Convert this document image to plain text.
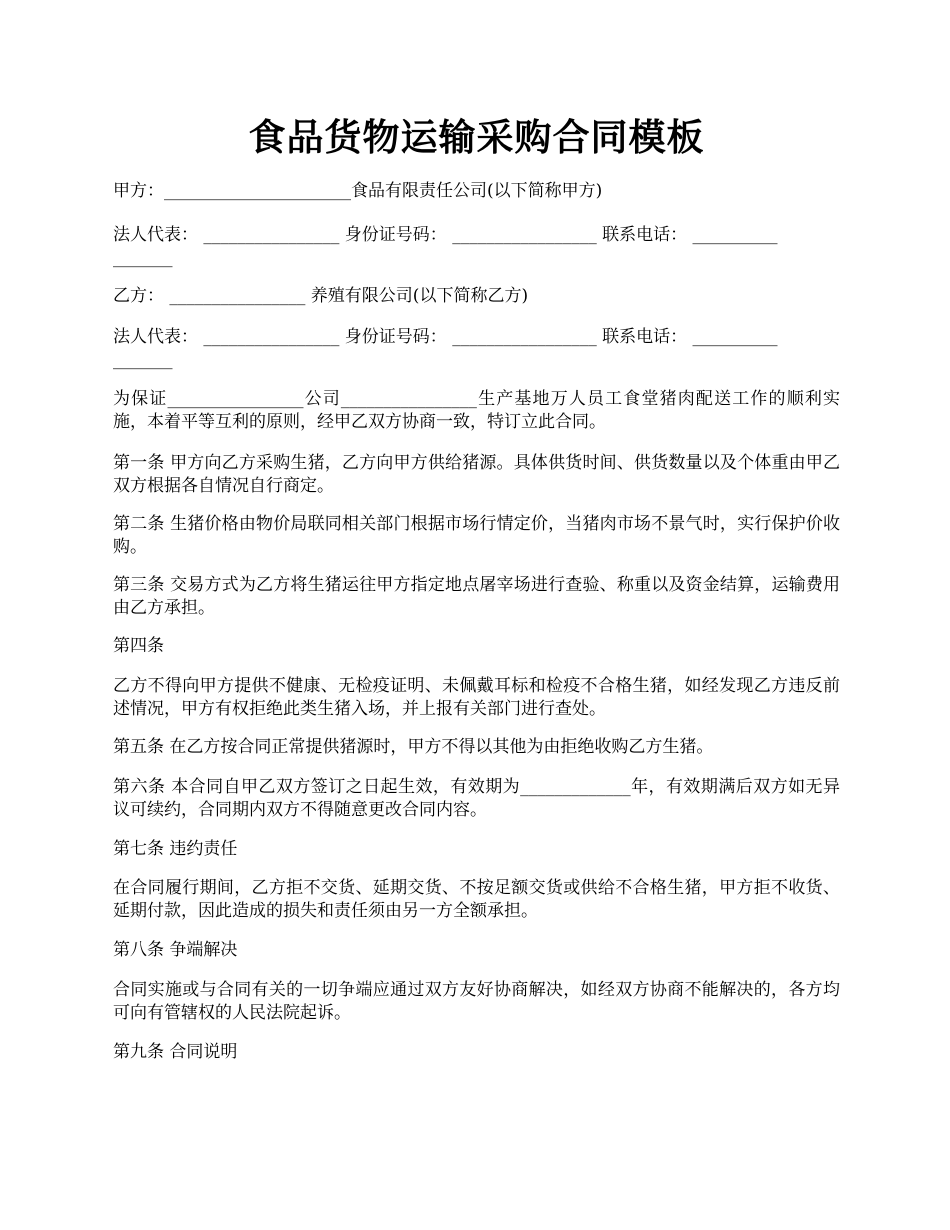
食品货物运输采购合同模板
甲方：______________________食品有限责任公司(以下简称甲方)
法人代表： ________________ 身份证号码： _________________ 联系电话： __________
_______
乙方： ________________ 养殖有限公司(以下简称乙方)
法人代表： ________________ 身份证号码： _________________ 联系电话： __________
_______
为保证________________公司________________生产基地万人员工食堂猪肉配送工作的顺利实施，本着平等互利的原则，经甲乙双方协商一致，特订立此合同。
第一条 甲方向乙方采购生猪，乙方向甲方供给猪源。具体供货时间、供货数量以及个体重由甲乙双方根据各自情况自行商定。
第二条 生猪价格由物价局联同相关部门根据市场行情定价，当猪肉市场不景气时，实行保护价收购。
第三条 交易方式为乙方将生猪运往甲方指定地点屠宰场进行查验、称重以及资金结算，运输费用由乙方承担。
第四条
乙方不得向甲方提供不健康、无检疫证明、未佩戴耳标和检疫不合格生猪，如经发现乙方违反前述情况，甲方有权拒绝此类生猪入场，并上报有关部门进行查处。
第五条 在乙方按合同正常提供猪源时，甲方不得以其他为由拒绝收购乙方生猪。
第六条 本合同自甲乙双方签订之日起生效，有效期为_____________年，有效期满后双方如无异议可续约，合同期内双方不得随意更改合同内容。
第七条 违约责任
在合同履行期间，乙方拒不交货、延期交货、不按足额交货或供给不合格生猪，甲方拒不收货、延期付款，因此造成的损失和责任须由另一方全额承担。
第八条 争端解决
合同实施或与合同有关的一切争端应通过双方友好协商解决，如经双方协商不能解决的，各方均可向有管辖权的人民法院起诉。
第九条 合同说明
